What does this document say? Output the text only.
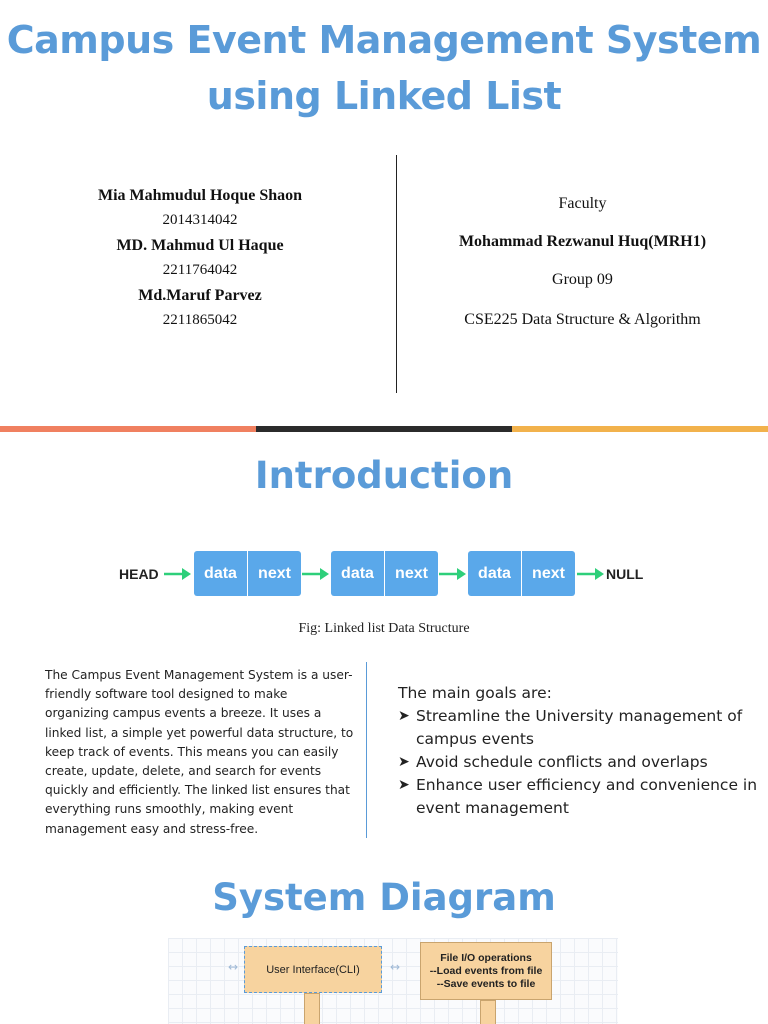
Campus Event Management System
using Linked List
Mia Mahmudul Hoque Shaon
2014314042
MD. Mahmud Ul Haque
2211764042
Md.Maruf Parvez
2211865042
Faculty
Mohammad Rezwanul Huq(MRH1)
Group 09
CSE225 Data Structure & Algorithm
Introduction
HEAD	data	next	data	next	data	next	NULL
Fig: Linked list Data Structure
The Campus Event Management System is a user-friendly software tool designed to make organizing campus events a breeze. It uses a linked list, a simple yet powerful data structure, to keep track of events. This means you can easily create, update, delete, and search for events quickly and efficiently. The linked list ensures that everything runs smoothly, making event management easy and stress-free.
The main goals are:
➤ Streamline the University management of campus events
➤ Avoid schedule conflicts and overlaps
➤ Enhance user efficiency and convenience in event management
System Diagram
↔	User Interface(CLI)	↔
File I/O operations
--Load events from file
--Save events to file
